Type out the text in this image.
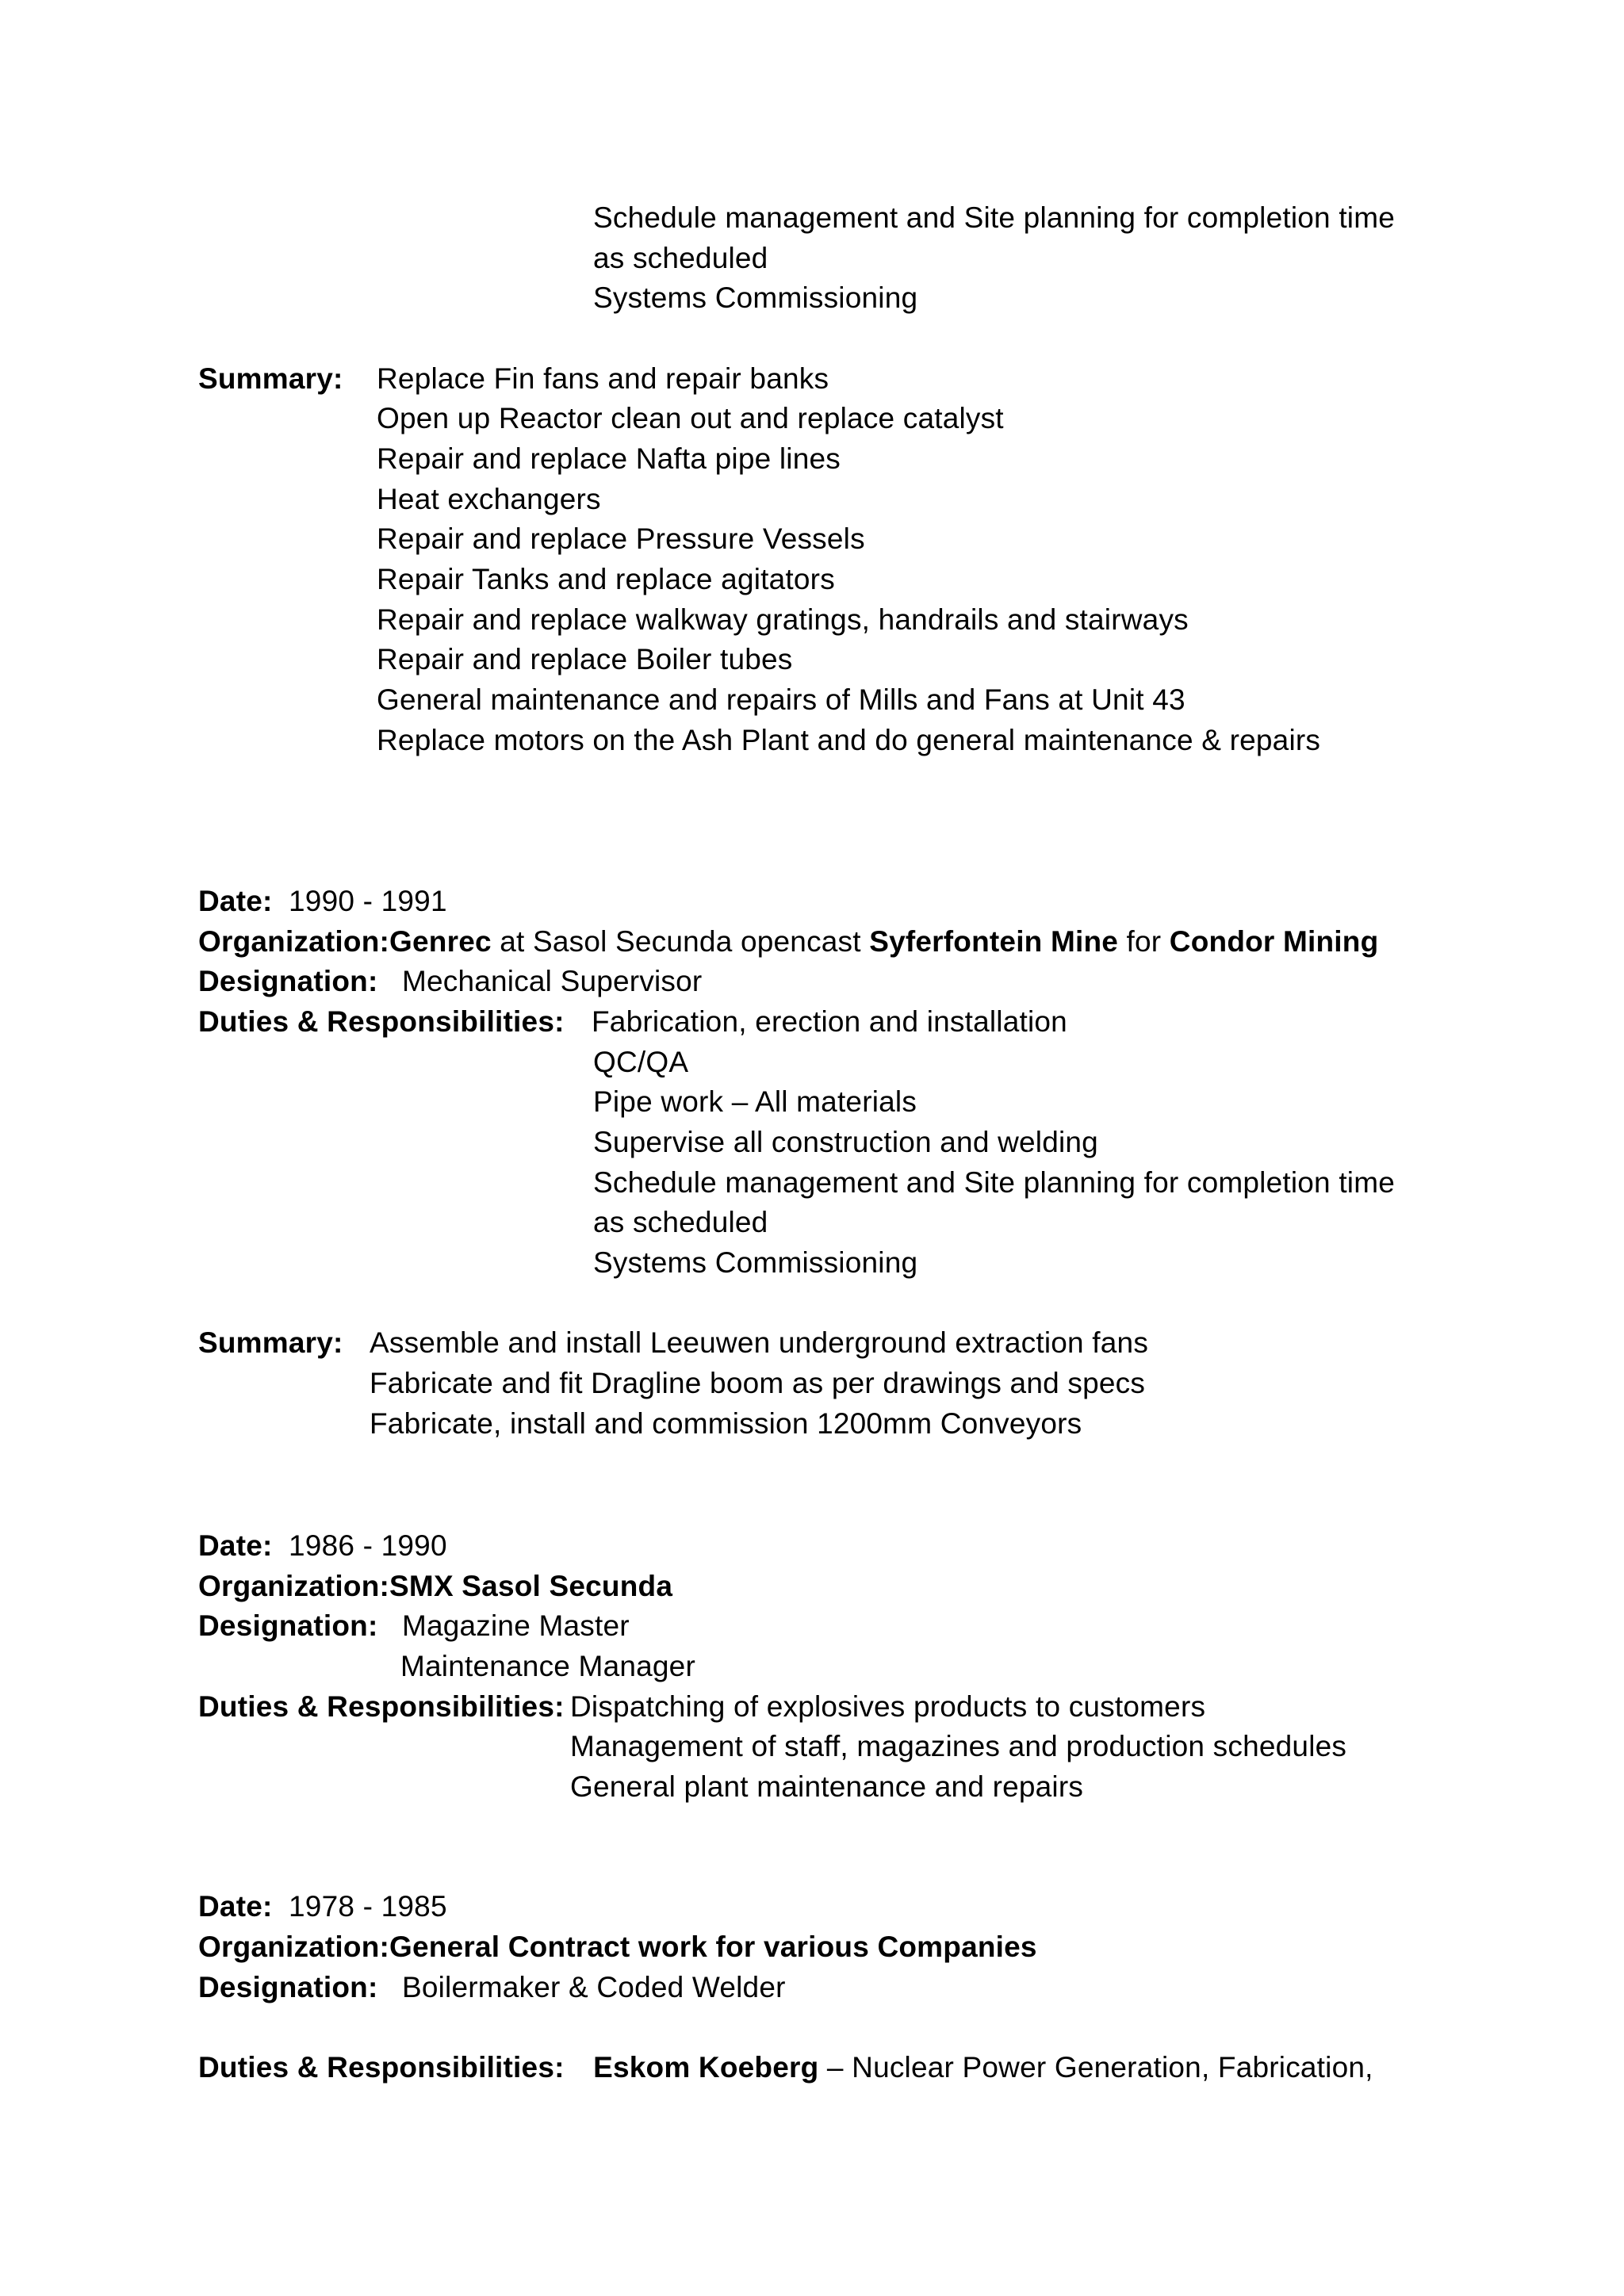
Schedule management and Site planning for completion time
as scheduled
Systems Commissioning
Summary: Replace Fin fans and repair banks
Open up Reactor clean out and replace catalyst
Repair and replace Nafta pipe lines
Heat exchangers
Repair and replace Pressure Vessels
Repair Tanks and replace agitators
Repair and replace walkway gratings, handrails and stairways
Repair and replace Boiler tubes
General maintenance and repairs of Mills and Fans at Unit 43
Replace motors on the Ash Plant and do general maintenance & repairs
Date: 1990 - 1991
Organization:Genrec at Sasol Secunda opencast Syferfontein Mine for Condor Mining
Designation: Mechanical Supervisor
Duties & Responsibilities: Fabrication, erection and installation
QC/QA
Pipe work – All materials
Supervise all construction and welding
Schedule management and Site planning for completion time
as scheduled
Systems Commissioning
Summary: Assemble and install Leeuwen underground extraction fans
Fabricate and fit Dragline boom as per drawings and specs
Fabricate, install and commission 1200mm Conveyors
Date: 1986 - 1990
Organization:SMX Sasol Secunda
Designation: Magazine Master
Maintenance Manager
Duties & Responsibilities: Dispatching of explosives products to customers
Management of staff, magazines and production schedules
General plant maintenance and repairs
Date: 1978 - 1985
Organization:General Contract work for various Companies
Designation: Boilermaker & Coded Welder
Duties & Responsibilities: Eskom Koeberg – Nuclear Power Generation, Fabrication,
